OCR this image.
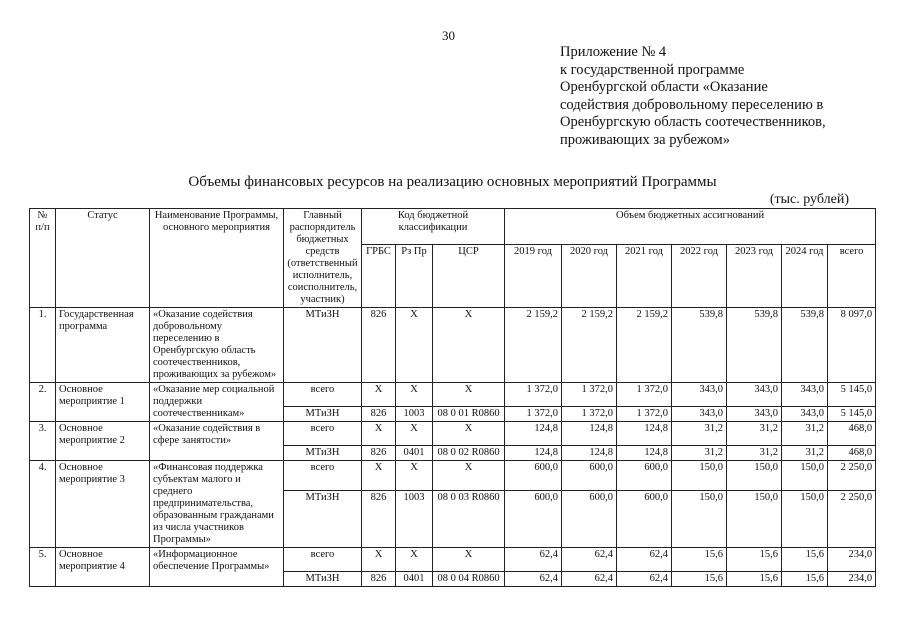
30
Приложение № 4
к государственной программе
Оренбургской области «Оказание
содействия добровольному переселению в
Оренбургскую область соотечественников,
проживающих за рубежом»
Объемы финансовых ресурсов на реализацию основных мероприятий Программы
(тыс. рублей)
№ п/п	Статус	Наименование Программы, основного мероприятия	Главный распорядитель бюджетных средств (ответственный исполнитель, соисполнитель, участник)	Код бюджетной классификации			Объем бюджетных ассигнований						
				ГРБС	Рз Пр	ЦСР	2019 год	2020 год	2021 год	2022 год	2023 год	2024 год	всего
1.	Государственная программа	«Оказание содействия добровольному переселению в Оренбургскую область соотечественников, проживающих за рубежом»	МТиЗН	826	Х	Х	2 159,2	2 159,2	2 159,2	539,8	539,8	539,8	8 097,0
2.	Основное мероприятие 1	«Оказание мер социальной поддержки соотечественникам»	всего	Х	Х	Х	1 372,0	1 372,0	1 372,0	343,0	343,0	343,0	5 145,0
			МТиЗН	826	1003	08 0 01 R0860	1 372,0	1 372,0	1 372,0	343,0	343,0	343,0	5 145,0
3.	Основное мероприятие 2	«Оказание содействия в сфере занятости»	всего	Х	Х	Х	124,8	124,8	124,8	31,2	31,2	31,2	468,0
			МТиЗН	826	0401	08 0 02 R0860	124,8	124,8	124,8	31,2	31,2	31,2	468,0
4.	Основное мероприятие 3	«Финансовая поддержка субъектам малого и среднего предпринимательства, образованным гражданами из числа участников Программы»	всего	Х	Х	Х	600,0	600,0	600,0	150,0	150,0	150,0	2 250,0
			МТиЗН	826	1003	08 0 03 R0860	600,0	600,0	600,0	150,0	150,0	150,0	2 250,0
5.	Основное мероприятие 4	«Информационное обеспечение Программы»	всего	Х	Х	Х	62,4	62,4	62,4	15,6	15,6	15,6	234,0
			МТиЗН	826	0401	08 0 04 R0860	62,4	62,4	62,4	15,6	15,6	15,6	234,0
